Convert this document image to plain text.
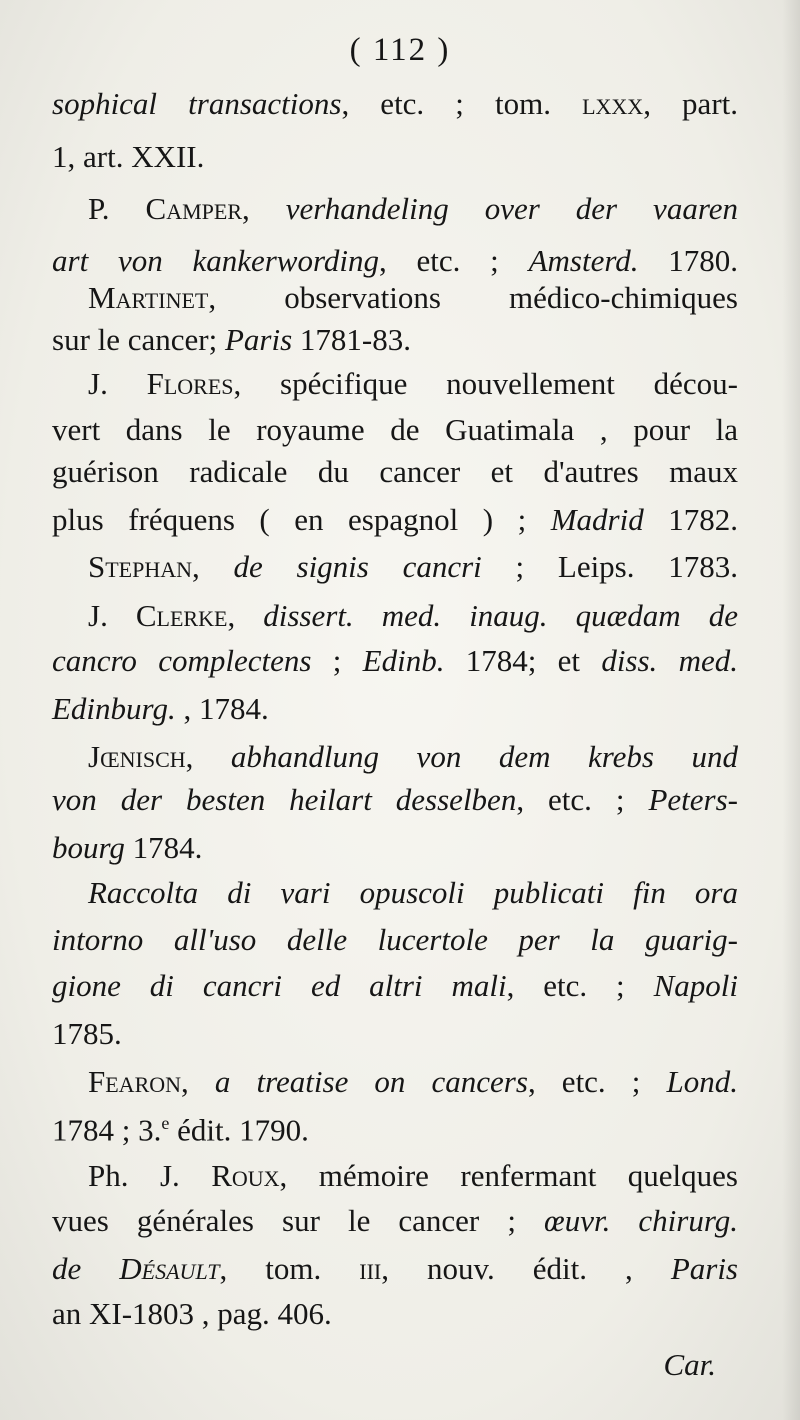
( 112 )
sophical transactions, etc. ; tom. lxxx, part.
1, art. XXII.
P. Camper, verhandeling over der vaaren
art von kankerwording, etc. ; Amsterd. 1780.
Martinet, observations médico-chimiques
sur le cancer; Paris 1781-83.
J. Flores, spécifique nouvellement décou-
vert dans le royaume de Guatimala , pour la
guérison radicale du cancer et d'autres maux
plus fréquens ( en espagnol ) ; Madrid 1782.
Stephan, de signis cancri ; Leips. 1783.
J. Clerke, dissert. med. inaug. quædam de
cancro complectens ; Edinb. 1784; et diss. med.
Edinburg. , 1784.
Jœnisch, abhandlung von dem krebs und
von der besten heilart desselben, etc. ; Peters-
bourg 1784.
Raccolta di vari opuscoli publicati fin ora
intorno all'uso delle lucertole per la guarig-
gione di cancri ed altri mali, etc. ; Napoli
1785.
Fearon, a treatise on cancers, etc. ; Lond.
1784 ; 3.$^e$ édit. 1790.
Ph. J. Roux, mémoire renfermant quelques
vues générales sur le cancer ; œuvr. chirurg.
de Désault, tom. iii, nouv. édit. , Paris
an XI-1803 , pag. 406.
Car.
